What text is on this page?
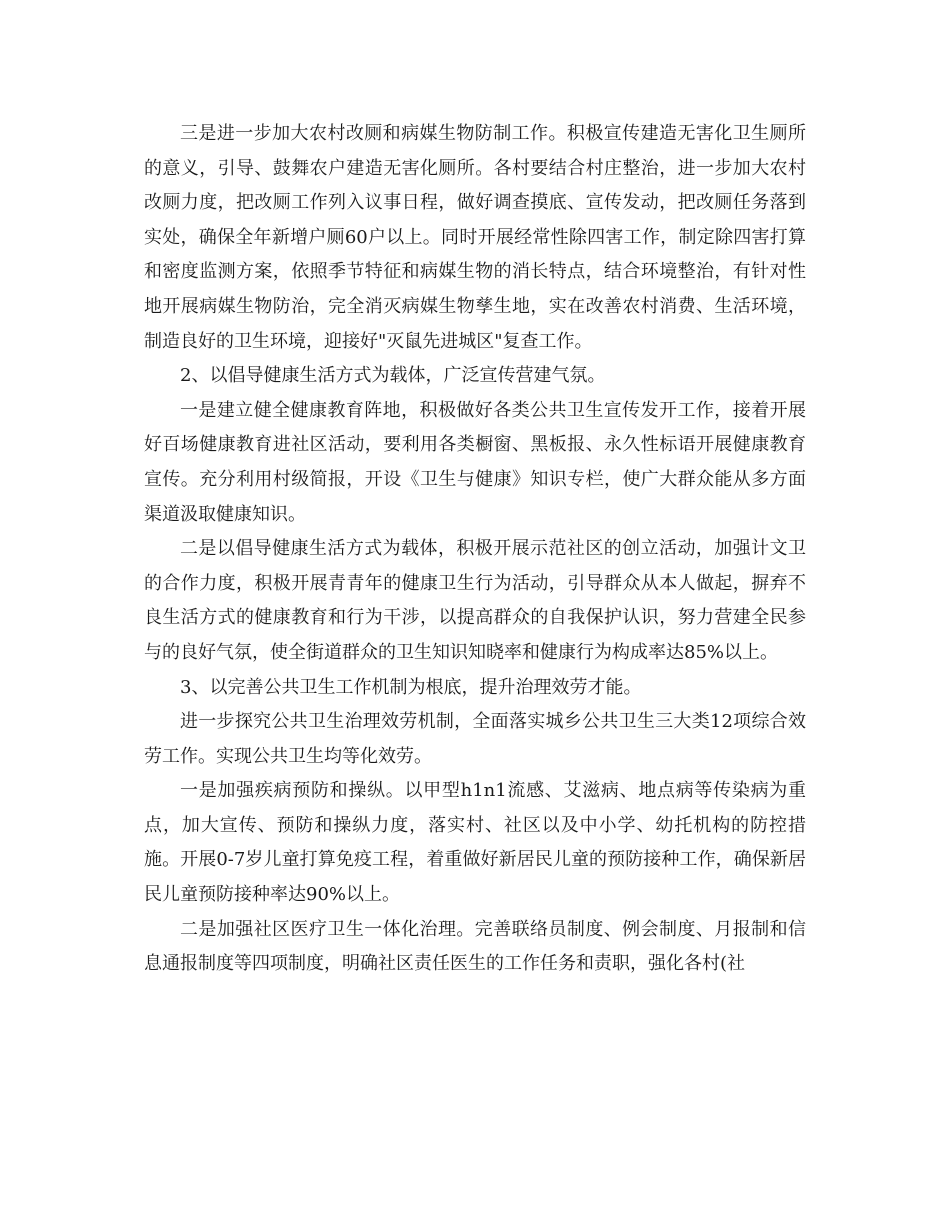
三是进一步加大农村改厕和病媒生物防制工作。积极宣传建造无害化卫生厕所的意义，引导、鼓舞农户建造无害化厕所。各村要结合村庄整治，进一步加大农村改厕力度，把改厕工作列入议事日程，做好调查摸底、宣传发动，把改厕任务落到实处，确保全年新增户厕60户以上。同时开展经常性除四害工作，制定除四害打算和密度监测方案，依照季节特征和病媒生物的消长特点，结合环境整治，有针对性地开展病媒生物防治，完全消灭病媒生物孳生地，实在改善农村消费、生活环境，制造良好的卫生环境，迎接好"灭鼠先进城区"复查工作。

2、以倡导健康生活方式为载体，广泛宣传营建气氛。

一是建立健全健康教育阵地，积极做好各类公共卫生宣传发开工作，接着开展好百场健康教育进社区活动，要利用各类橱窗、黑板报、永久性标语开展健康教育宣传。充分利用村级简报，开设《卫生与健康》知识专栏，使广大群众能从多方面渠道汲取健康知识。

二是以倡导健康生活方式为载体，积极开展示范社区的创立活动，加强计文卫的合作力度，积极开展青青年的健康卫生行为活动，引导群众从本人做起，摒弃不良生活方式的健康教育和行为干涉，以提高群众的自我保护认识，努力营建全民参与的良好气氛，使全街道群众的卫生知识知晓率和健康行为构成率达85%以上。

3、以完善公共卫生工作机制为根底，提升治理效劳才能。

进一步探究公共卫生治理效劳机制，全面落实城乡公共卫生三大类12项综合效劳工作。实现公共卫生均等化效劳。

一是加强疾病预防和操纵。以甲型h1n1流感、艾滋病、地点病等传染病为重点，加大宣传、预防和操纵力度，落实村、社区以及中小学、幼托机构的防控措施。开展0-7岁儿童打算免疫工程，着重做好新居民儿童的预防接种工作，确保新居民儿童预防接种率达90%以上。

二是加强社区医疗卫生一体化治理。完善联络员制度、例会制度、月报制和信息通报制度等四项制度，明确社区责任医生的工作任务和责职，强化各村(社
